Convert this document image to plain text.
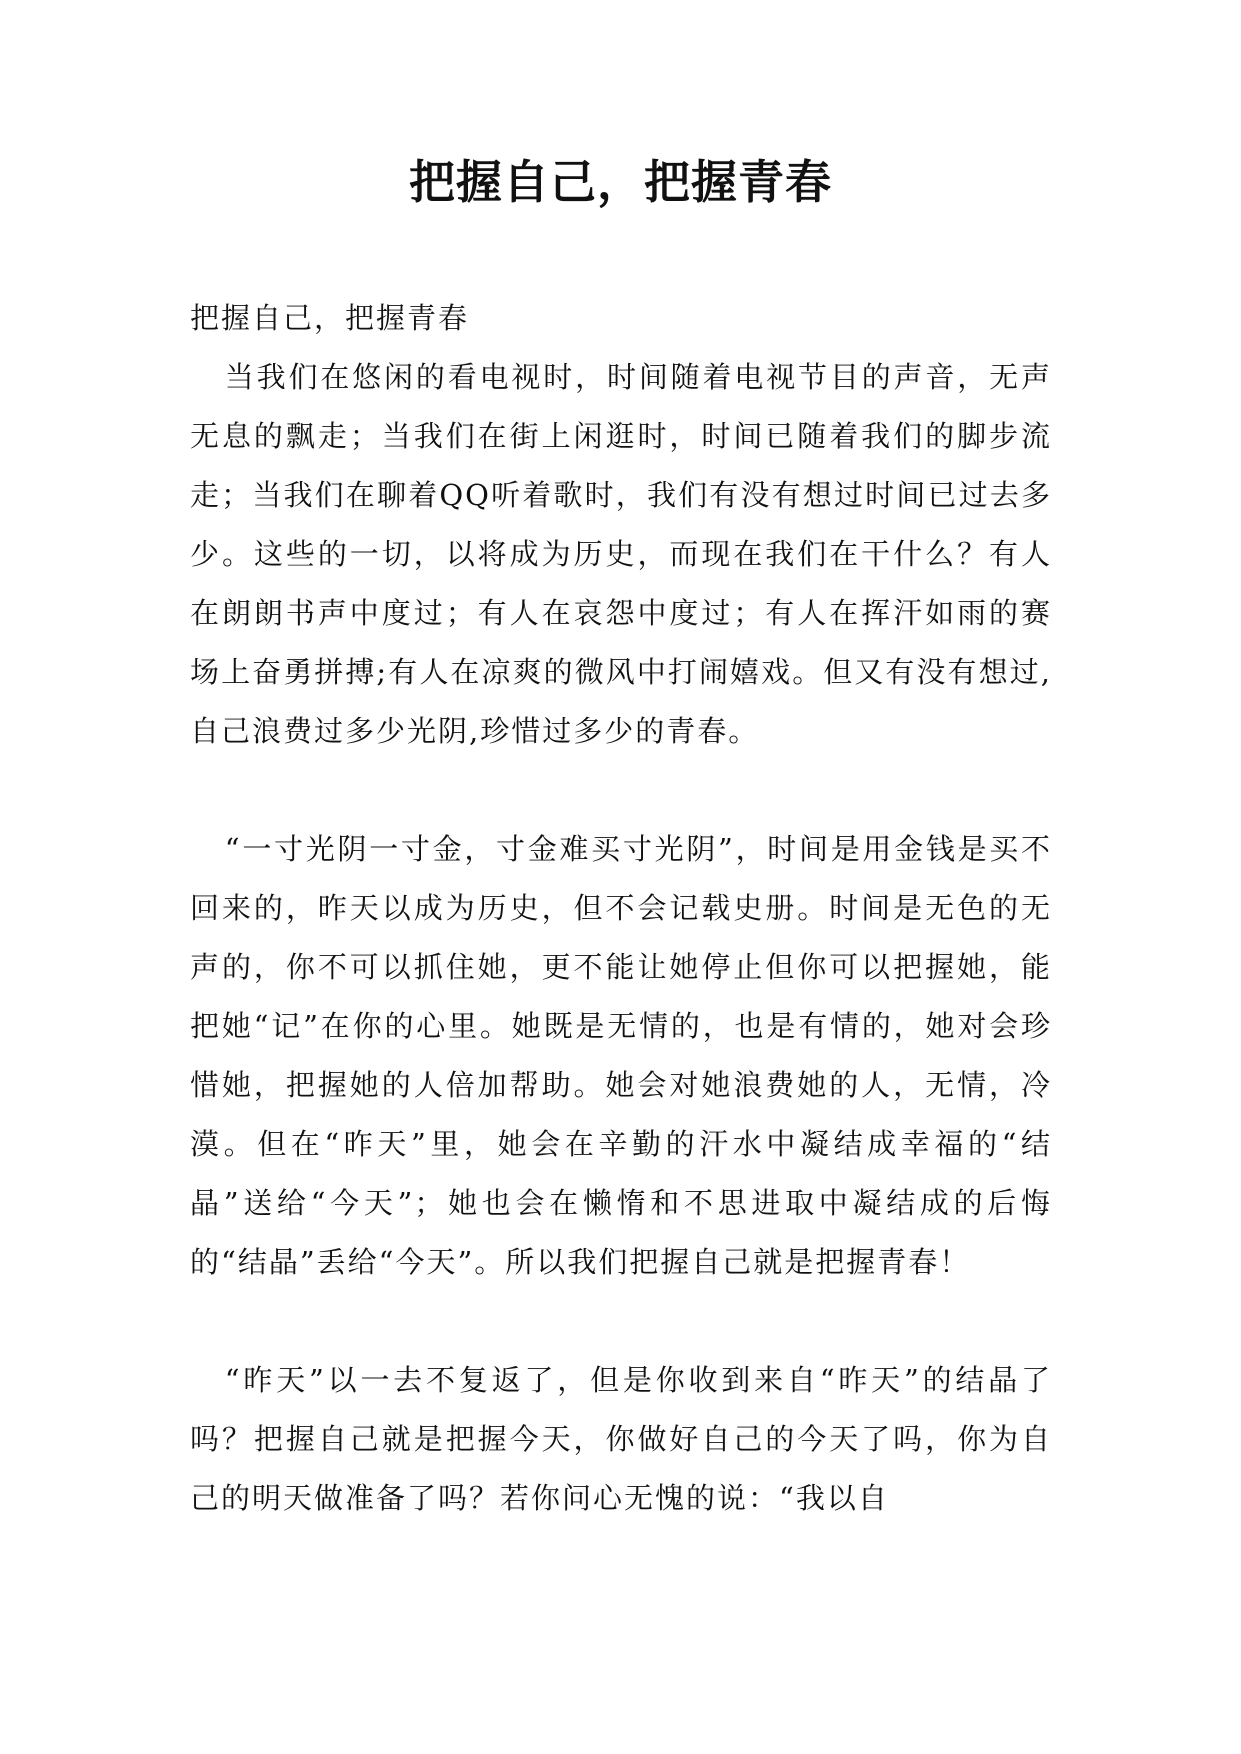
把握自己，把握青春

把握自己，把握青春

当我们在悠闲的看电视时，时间随着电视节目的声音，无声无息的飘走；当我们在街上闲逛时，时间已随着我们的脚步流走；当我们在聊着QQ听着歌时，我们有没有想过时间已过去多少。这些的一切，以将成为历史，而现在我们在干什么？有人在朗朗书声中度过；有人在哀怨中度过；有人在挥汗如雨的赛场上奋勇拼搏;有人在凉爽的微风中打闹嬉戏。但又有没有想过,自己浪费过多少光阴,珍惜过多少的青春。

“一寸光阴一寸金，寸金难买寸光阴”，时间是用金钱是买不回来的，昨天以成为历史，但不会记载史册。时间是无色的无声的，你不可以抓住她，更不能让她停止但你可以把握她，能把她“记”在你的心里。她既是无情的，也是有情的，她对会珍惜她，把握她的人倍加帮助。她会对她浪费她的人，无情，冷漠。但在“昨天”里，她会在辛勤的汗水中凝结成幸福的“结晶”送给“今天”；她也会在懒惰和不思进取中凝结成的后悔的“结晶”丢给“今天”。所以我们把握自己就是把握青春！

“昨天”以一去不复返了，但是你收到来自“昨天”的结晶了吗？把握自己就是把握今天，你做好自己的今天了吗，你为自己的明天做准备了吗？若你问心无愧的说：“我以自
